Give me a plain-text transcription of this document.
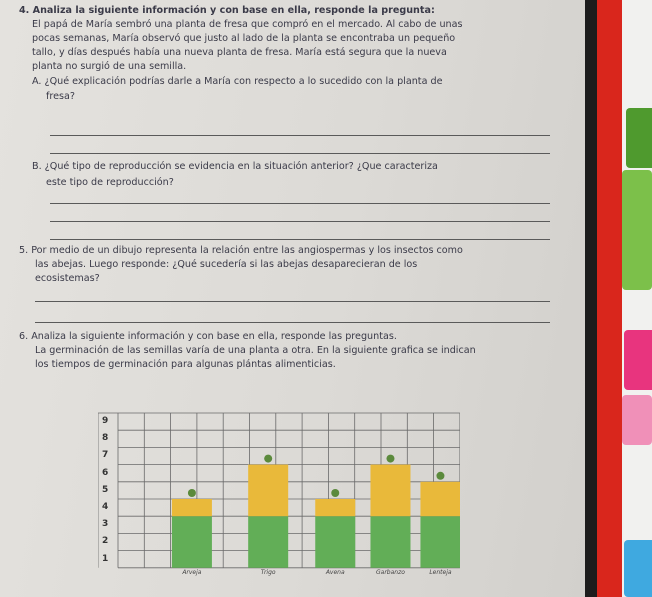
4. Analiza la siguiente información y con base en ella, responde la pregunta:

El papá de María sembró una planta de fresa que compró en el mercado. Al cabo de unas

pocas semanas, María observó que justo al lado de la planta se encontraba un pequeño

tallo, y días después había una nueva planta de fresa. María está segura que la nueva

planta no surgió de una semilla.

A. ¿Qué explicación podrías darle a María con respecto a lo sucedido con la planta de

fresa?

B. ¿Qué tipo de reproducción se evidencia en la situación anterior? ¿Que caracteriza

este tipo de reproducción?

5. Por medio de un dibujo representa la relación entre las angiospermas y los insectos como

las abejas. Luego responde: ¿Qué sucedería si las abejas desaparecieran de los

ecosistemas?

6. Analiza la siguiente información y con base en ella, responde las preguntas.

La germinación de las semillas varía de una planta a otra. En la siguiente grafica se indican

los tiempos de germinación para algunas plántas alimenticias.

1
2
3
4
5
6
7
8
9
Arveja	Trigo	Avena	Garbanzo	Lenteja
